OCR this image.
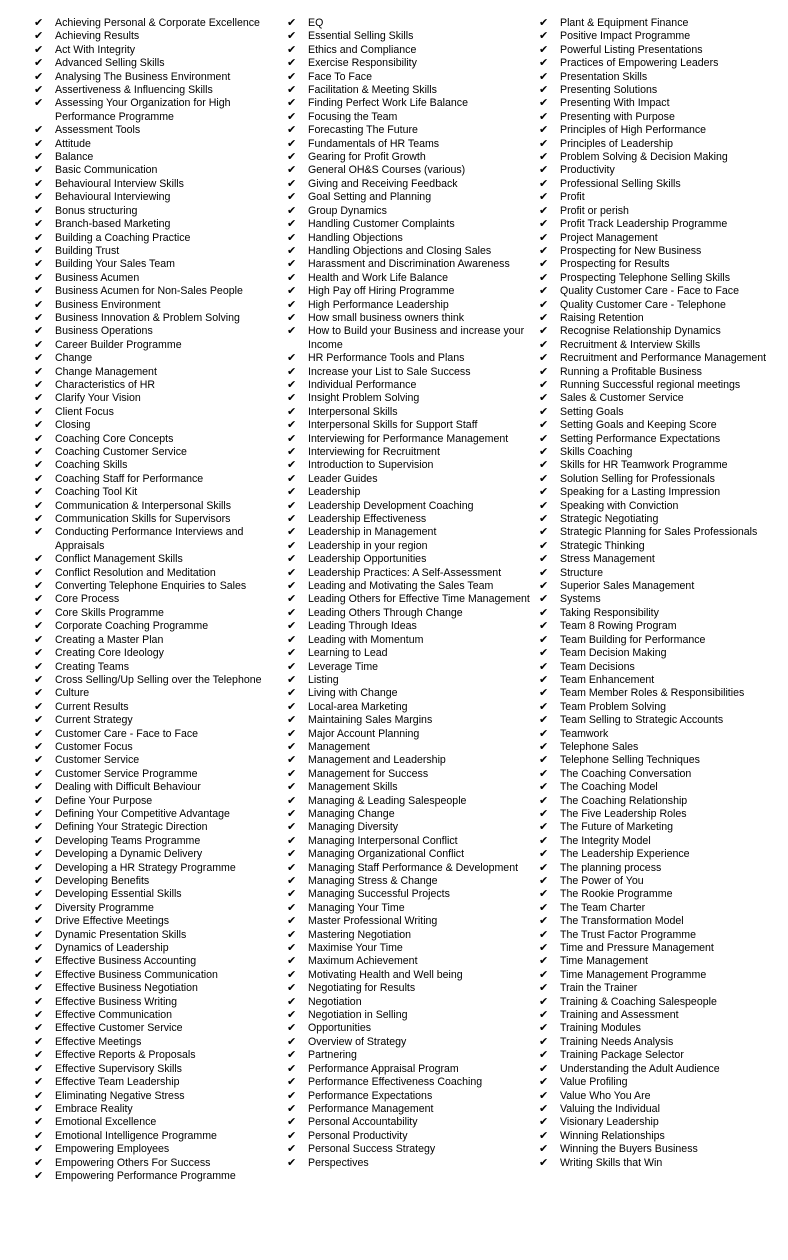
✔	Achieving Personal & Corporate Excellence
✔	Achieving Results
✔	Act With Integrity
✔	Advanced Selling Skills
✔	Analysing The Business Environment
✔	Assertiveness & Influencing Skills
✔	Assessing Your Organization for High Performance Programme
✔	Assessment Tools
✔	Attitude
✔	Balance
✔	Basic Communication
✔	Behavioural Interview Skills
✔	Behavioural Interviewing
✔	Bonus structuring
✔	Branch-based Marketing
✔	Building a Coaching Practice
✔	Building Trust
✔	Building Your Sales Team
✔	Business Acumen
✔	Business Acumen for Non-Sales People
✔	Business Environment
✔	Business Innovation & Problem Solving
✔	Business Operations
✔	Career Builder Programme
✔	Change
✔	Change Management
✔	Characteristics of HR
✔	Clarify Your Vision
✔	Client Focus
✔	Closing
✔	Coaching Core Concepts
✔	Coaching Customer Service
✔	Coaching Skills
✔	Coaching Staff for Performance
✔	Coaching Tool Kit
✔	Communication & Interpersonal Skills
✔	Communication Skills for Supervisors
✔	Conducting Performance Interviews and Appraisals
✔	Conflict Management Skills
✔	Conflict Resolution and Meditation
✔	Converting Telephone Enquiries to Sales
✔	Core Process
✔	Core Skills Programme
✔	Corporate Coaching Programme
✔	Creating a Master Plan
✔	Creating Core Ideology
✔	Creating Teams
✔	Cross Selling/Up Selling over the Telephone
✔	Culture
✔	Current Results
✔	Current Strategy
✔	Customer Care - Face to Face
✔	Customer Focus
✔	Customer Service
✔	Customer Service Programme
✔	Dealing with Difficult Behaviour
✔	Define Your Purpose
✔	Defining Your Competitive Advantage
✔	Defining Your Strategic Direction
✔	Developing Teams Programme
✔	Developing a Dynamic Delivery
✔	Developing a HR Strategy Programme
✔	Developing Benefits
✔	Developing Essential Skills
✔	Diversity Programme
✔	Drive Effective Meetings
✔	Dynamic Presentation Skills
✔	Dynamics of Leadership
✔	Effective Business Accounting
✔	Effective Business Communication
✔	Effective Business Negotiation
✔	Effective Business Writing
✔	Effective Communication
✔	Effective Customer Service
✔	Effective Meetings
✔	Effective Reports & Proposals
✔	Effective Supervisory Skills
✔	Effective Team Leadership
✔	Eliminating Negative Stress
✔	Embrace Reality
✔	Emotional Excellence
✔	Emotional Intelligence Programme
✔	Empowering Employees
✔	Empowering Others For Success
✔	Empowering Performance Programme
✔	EQ
✔	Essential Selling Skills
✔	Ethics and Compliance
✔	Exercise Responsibility
✔	Face To Face
✔	Facilitation & Meeting Skills
✔	Finding Perfect Work Life Balance
✔	Focusing the Team
✔	Forecasting The Future
✔	Fundamentals of HR Teams
✔	Gearing for Profit Growth
✔	General OH&S Courses (various)
✔	Giving and Receiving Feedback
✔	Goal Setting and Planning
✔	Group Dynamics
✔	Handling Customer Complaints
✔	Handling Objections
✔	Handling Objections and Closing Sales
✔	Harassment and Discrimination Awareness
✔	Health and Work Life Balance
✔	High Pay off Hiring Programme
✔	High Performance Leadership
✔	How small business owners think
✔	How to Build your Business and increase your Income
✔	HR Performance Tools and Plans
✔	Increase your List to Sale Success
✔	Individual Performance
✔	Insight Problem Solving
✔	Interpersonal Skills
✔	Interpersonal Skills for Support Staff
✔	Interviewing for Performance Management
✔	Interviewing for Recruitment
✔	Introduction to Supervision
✔	Leader Guides
✔	Leadership
✔	Leadership Development Coaching
✔	Leadership Effectiveness
✔	Leadership in Management
✔	Leadership in your region
✔	Leadership Opportunities
✔	Leadership Practices: A Self-Assessment
✔	Leading and Motivating the Sales Team
✔	Leading Others for Effective Time Management
✔	Leading Others Through Change
✔	Leading Through Ideas
✔	Leading with Momentum
✔	Learning to Lead
✔	Leverage Time
✔	Listing
✔	Living with Change
✔	Local-area Marketing
✔	Maintaining Sales Margins
✔	Major Account Planning
✔	Management
✔	Management and Leadership
✔	Management for Success
✔	Management Skills
✔	Managing & Leading Salespeople
✔	Managing Change
✔	Managing Diversity
✔	Managing Interpersonal Conflict
✔	Managing Organizational Conflict
✔	Managing Staff Performance & Development
✔	Managing Stress & Change
✔	Managing Successful Projects
✔	Managing Your Time
✔	Master Professional Writing
✔	Mastering Negotiation
✔	Maximise Your Time
✔	Maximum Achievement
✔	Motivating Health and Well being
✔	Negotiating for Results
✔	Negotiation
✔	Negotiation in Selling
✔	Opportunities
✔	Overview of Strategy
✔	Partnering
✔	Performance Appraisal Program
✔	Performance Effectiveness Coaching
✔	Performance Expectations
✔	Performance Management
✔	Personal Accountability
✔	Personal Productivity
✔	Personal Success Strategy
✔	Perspectives
✔	Plant & Equipment Finance
✔	Positive Impact Programme
✔	Powerful Listing Presentations
✔	Practices of Empowering Leaders
✔	Presentation Skills
✔	Presenting Solutions
✔	Presenting With Impact
✔	Presenting with Purpose
✔	Principles of High Performance
✔	Principles of Leadership
✔	Problem Solving & Decision Making
✔	Productivity
✔	Professional Selling Skills
✔	Profit
✔	Profit or perish
✔	Profit Track Leadership Programme
✔	Project Management
✔	Prospecting for New Business
✔	Prospecting for Results
✔	Prospecting Telephone Selling Skills
✔	Quality Customer Care - Face to Face
✔	Quality Customer Care - Telephone
✔	Raising Retention
✔	Recognise Relationship Dynamics
✔	Recruitment & Interview Skills
✔	Recruitment and Performance Management
✔	Running a Profitable Business
✔	Running Successful regional meetings
✔	Sales & Customer Service
✔	Setting Goals
✔	Setting Goals and Keeping Score
✔	Setting Performance Expectations
✔	Skills Coaching
✔	Skills for HR Teamwork Programme
✔	Solution Selling for Professionals
✔	Speaking for a Lasting Impression
✔	Speaking with Conviction
✔	Strategic Negotiating
✔	Strategic Planning for Sales Professionals
✔	Strategic Thinking
✔	Stress Management
✔	Structure
✔	Superior Sales Management
✔	Systems
✔	Taking Responsibility
✔	Team 8 Rowing Program
✔	Team Building for Performance
✔	Team Decision Making
✔	Team Decisions
✔	Team Enhancement
✔	Team Member Roles & Responsibilities
✔	Team Problem Solving
✔	Team Selling to Strategic Accounts
✔	Teamwork
✔	Telephone Sales
✔	Telephone Selling Techniques
✔	The Coaching Conversation
✔	The Coaching Model
✔	The Coaching Relationship
✔	The Five Leadership Roles
✔	The Future of Marketing
✔	The Integrity Model
✔	The Leadership Experience
✔	The planning process
✔	The Power of You
✔	The Rookie Programme
✔	The Team Charter
✔	The Transformation Model
✔	The Trust Factor Programme
✔	Time and Pressure Management
✔	Time Management
✔	Time Management Programme
✔	Train the Trainer
✔	Training & Coaching Salespeople
✔	Training and Assessment
✔	Training Modules
✔	Training Needs Analysis
✔	Training Package Selector
✔	Understanding the Adult Audience
✔	Value Profiling
✔	Value Who You Are
✔	Valuing the Individual
✔	Visionary Leadership
✔	Winning Relationships
✔	Winning the Buyers Business
✔	Writing Skills that Win
